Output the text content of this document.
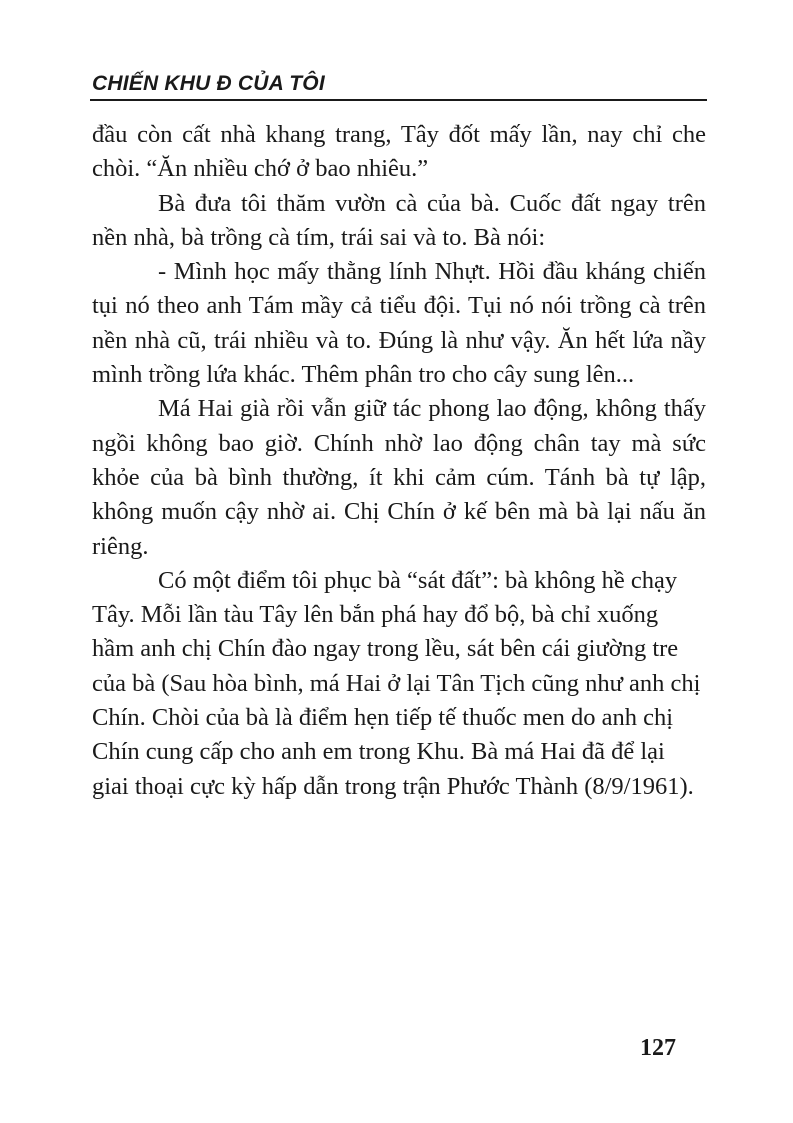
CHIẾN KHU Đ CỦA TÔI

đầu còn cất nhà khang trang, Tây đốt mấy lần, nay chỉ che chòi. “Ăn nhiều chớ ở bao nhiêu.”

Bà đưa tôi thăm vườn cà của bà. Cuốc đất ngay trên nền nhà, bà trồng cà tím, trái sai và to. Bà nói:

- Mình học mấy thằng lính Nhựt. Hồi đầu kháng chiến tụi nó theo anh Tám mầy cả tiểu đội. Tụi nó nói trồng cà trên nền nhà cũ, trái nhiều và to. Đúng là như vậy. Ăn hết lứa nầy mình trồng lứa khác. Thêm phân tro cho cây sung lên...

Má Hai già rồi vẫn giữ tác phong lao động, không thấy ngồi không bao giờ. Chính nhờ lao động chân tay mà sức khỏe của bà bình thường, ít khi cảm cúm. Tánh bà tự lập, không muốn cậy nhờ ai. Chị Chín ở kế bên mà bà lại nấu ăn riêng.

Có một điểm tôi phục bà “sát đất”: bà không hề chạy Tây. Mỗi lần tàu Tây lên bắn phá hay đổ bộ, bà chỉ xuống hầm anh chị Chín đào ngay trong lều, sát bên cái giường tre của bà (Sau hòa bình, má Hai ở lại Tân Tịch cũng như anh chị Chín. Chòi của bà là điểm hẹn tiếp tế thuốc men do anh chị Chín cung cấp cho anh em trong Khu. Bà má Hai đã để lại giai thoại cực kỳ hấp dẫn trong trận Phước Thành (8/9/1961).

127
